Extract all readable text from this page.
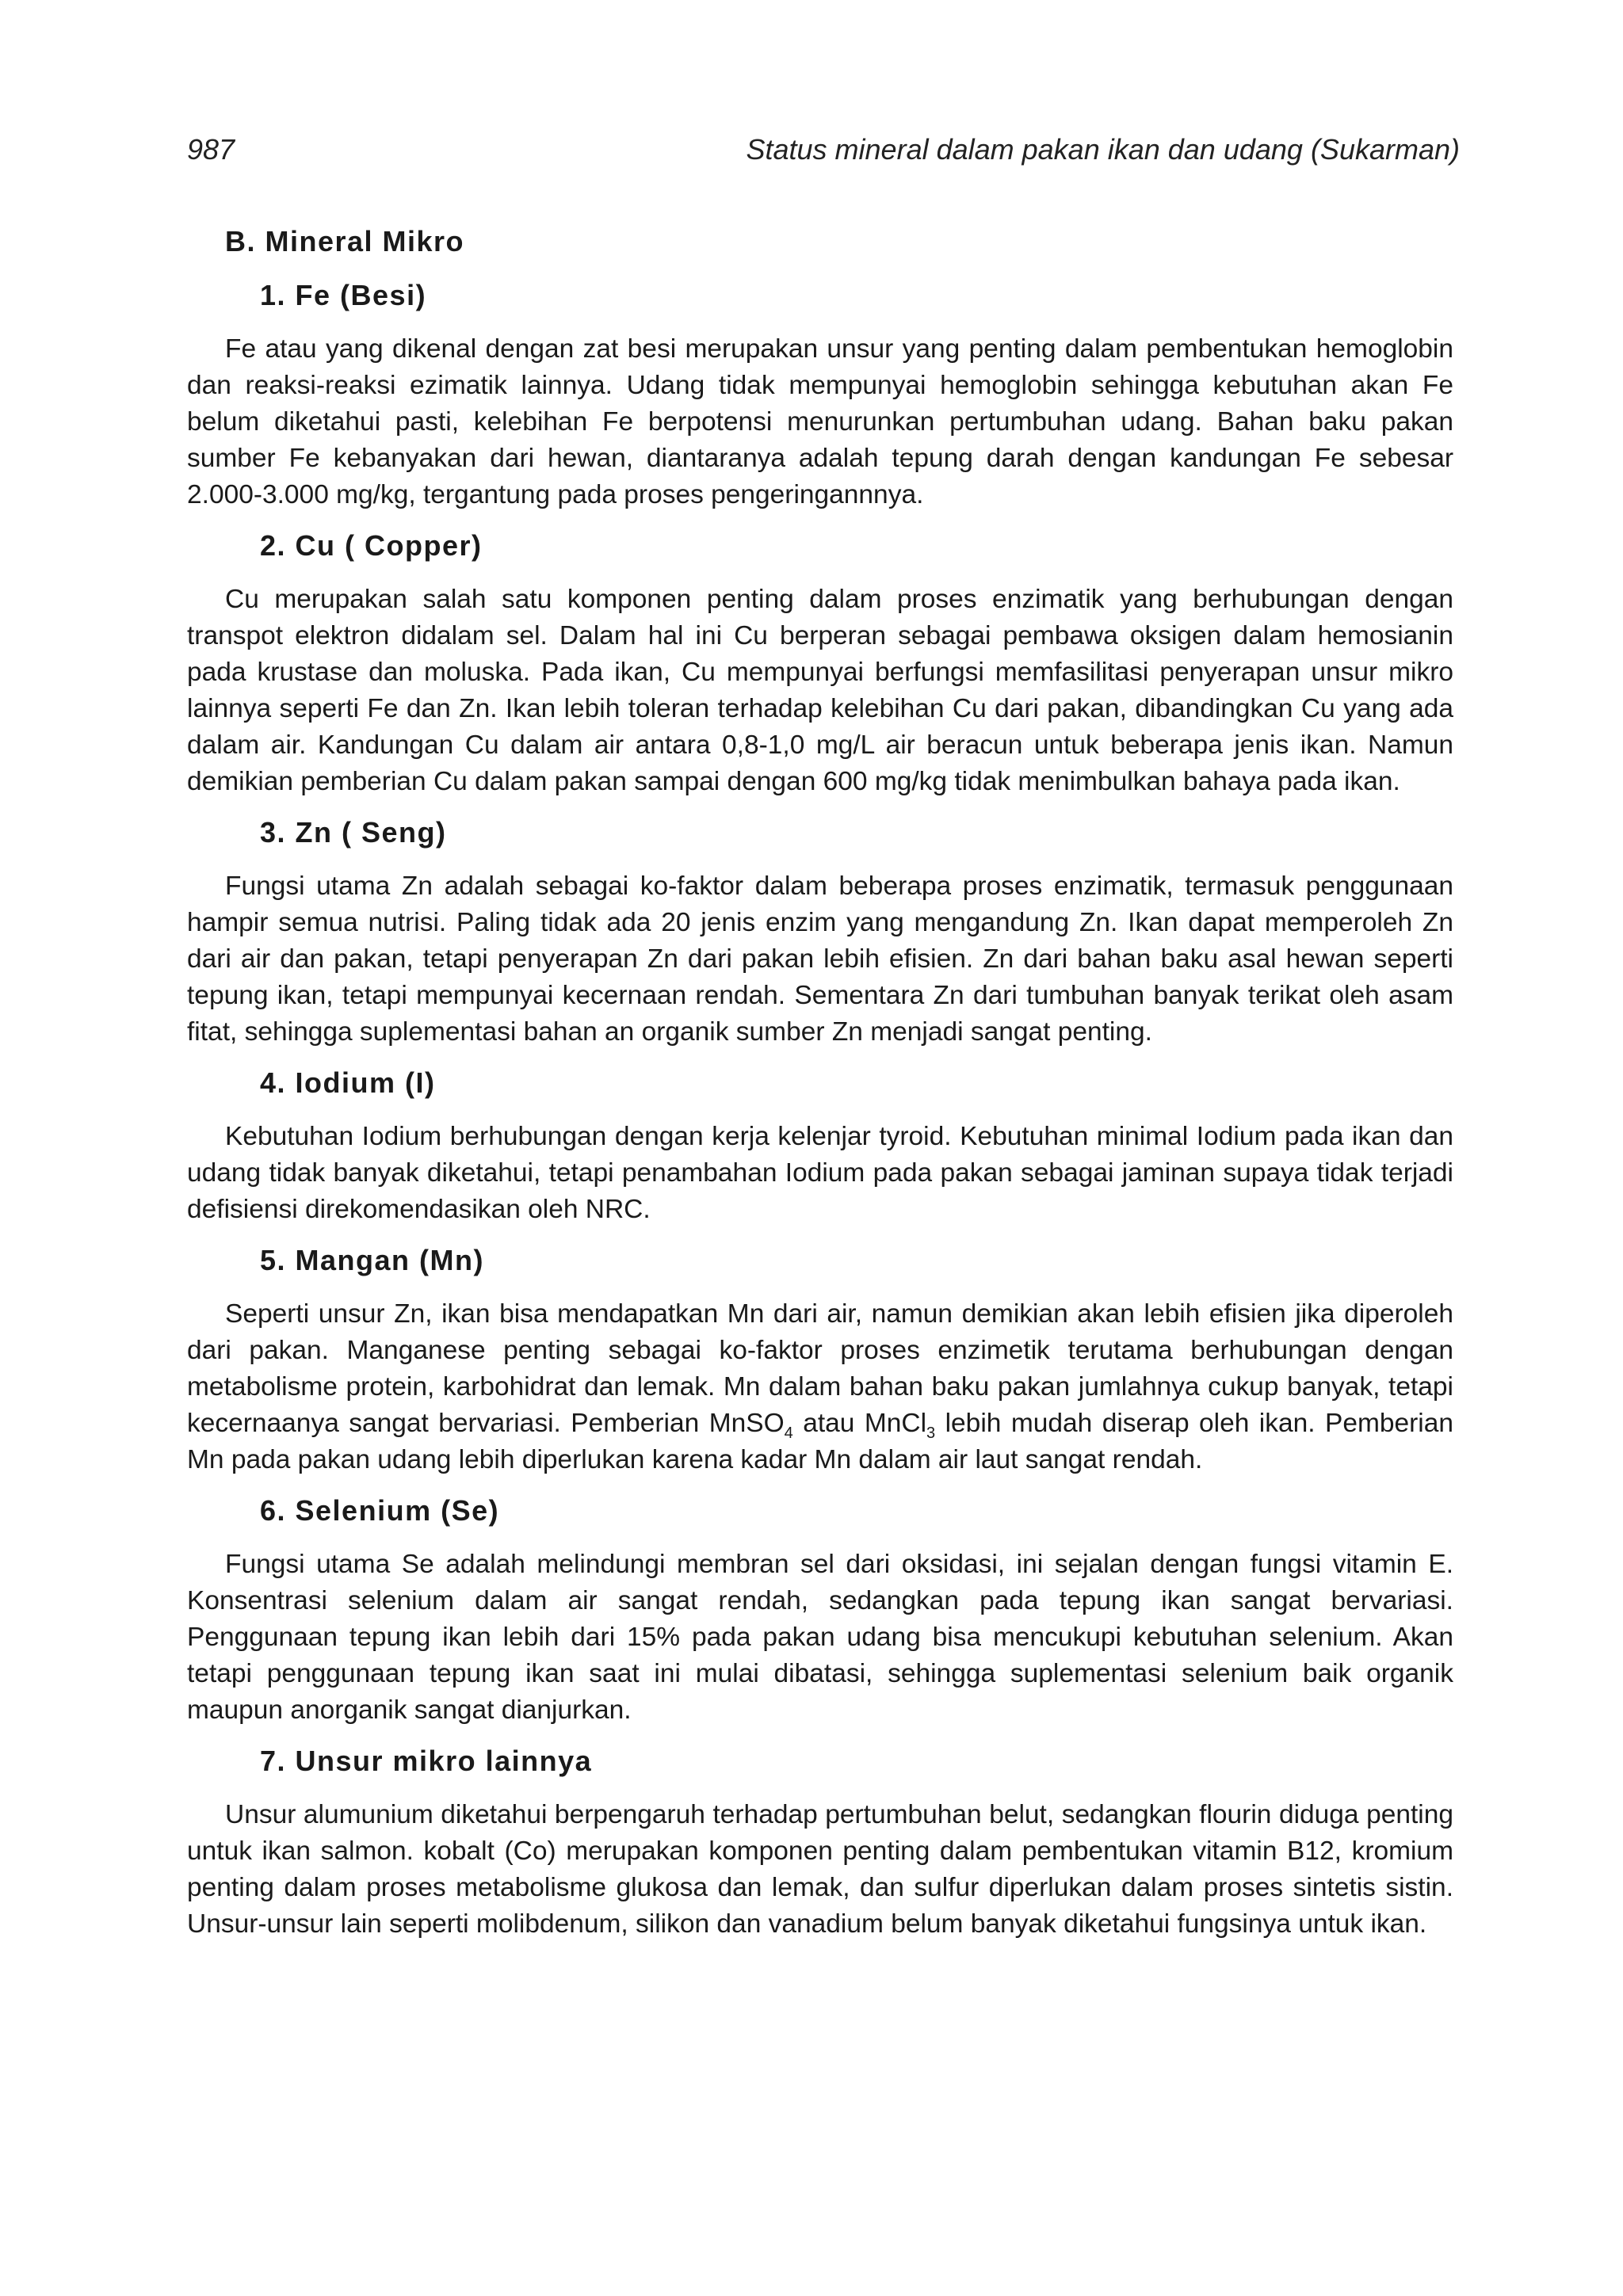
987	Status mineral dalam pakan ikan dan udang (Sukarman)
B. Mineral Mikro
1. Fe (Besi)

Fe atau yang dikenal dengan zat besi merupakan unsur yang penting dalam pembentukan hemoglobin dan reaksi-reaksi ezimatik lainnya. Udang tidak mempunyai hemoglobin sehingga kebutuhan akan Fe belum diketahui pasti, kelebihan Fe berpotensi menurunkan pertumbuhan udang. Bahan baku pakan sumber Fe kebanyakan dari hewan, diantaranya adalah tepung darah dengan kandungan Fe sebesar 2.000-3.000 mg/kg, tergantung pada proses pengeringannnya.

2. Cu ( Copper)

Cu merupakan salah satu komponen penting dalam proses enzimatik yang berhubungan dengan transpot elektron didalam sel. Dalam hal ini Cu berperan sebagai pembawa oksigen dalam hemosianin pada krustase dan moluska. Pada ikan, Cu mempunyai berfungsi memfasilitasi penyerapan unsur mikro lainnya seperti Fe dan Zn. Ikan lebih toleran terhadap kelebihan Cu dari pakan, dibandingkan Cu yang ada dalam air. Kandungan Cu dalam air antara 0,8-1,0 mg/L air beracun untuk beberapa jenis ikan. Namun demikian pemberian Cu dalam pakan sampai dengan 600 mg/kg tidak menimbulkan bahaya pada ikan.

3. Zn ( Seng)

Fungsi utama Zn adalah sebagai ko-faktor dalam beberapa proses enzimatik, termasuk penggunaan hampir semua nutrisi. Paling tidak ada 20 jenis enzim yang mengandung Zn. Ikan dapat memperoleh Zn dari air dan pakan, tetapi penyerapan Zn dari pakan lebih efisien. Zn dari bahan baku asal hewan seperti tepung ikan, tetapi mempunyai kecernaan rendah. Sementara Zn dari tumbuhan banyak terikat oleh asam fitat, sehingga suplementasi bahan an organik sumber Zn menjadi sangat penting.

4. Iodium (I)

Kebutuhan Iodium berhubungan dengan kerja kelenjar tyroid. Kebutuhan minimal Iodium pada ikan dan udang tidak banyak diketahui, tetapi penambahan Iodium pada pakan sebagai jaminan supaya tidak terjadi defisiensi direkomendasikan oleh NRC.

5. Mangan (Mn)

Seperti unsur Zn, ikan bisa mendapatkan Mn dari air, namun demikian akan lebih efisien jika diperoleh dari pakan. Manganese penting sebagai ko-faktor proses enzimetik terutama berhubungan dengan metabolisme protein, karbohidrat dan lemak. Mn dalam bahan baku pakan jumlahnya cukup banyak, tetapi kecernaanya sangat bervariasi. Pemberian MnSO$_4$ atau MnCl$_3$ lebih mudah diserap oleh ikan. Pemberian Mn pada pakan udang lebih diperlukan karena kadar Mn dalam air laut sangat rendah.

6. Selenium (Se)

Fungsi utama Se adalah melindungi membran sel dari oksidasi, ini sejalan dengan fungsi vitamin E. Konsentrasi selenium dalam air sangat rendah, sedangkan pada tepung ikan sangat bervariasi. Penggunaan tepung ikan lebih dari 15% pada pakan udang bisa mencukupi kebutuhan selenium. Akan tetapi penggunaan tepung ikan saat ini mulai dibatasi, sehingga suplementasi selenium baik organik maupun anorganik sangat dianjurkan.

7. Unsur mikro lainnya

Unsur alumunium diketahui berpengaruh terhadap pertumbuhan belut, sedangkan flourin diduga penting untuk ikan salmon. kobalt (Co) merupakan komponen penting dalam pembentukan vitamin B12, kromium penting dalam proses metabolisme glukosa dan lemak, dan sulfur diperlukan dalam proses sintetis sistin. Unsur-unsur lain seperti molibdenum, silikon dan vanadium belum banyak diketahui fungsinya untuk ikan.
